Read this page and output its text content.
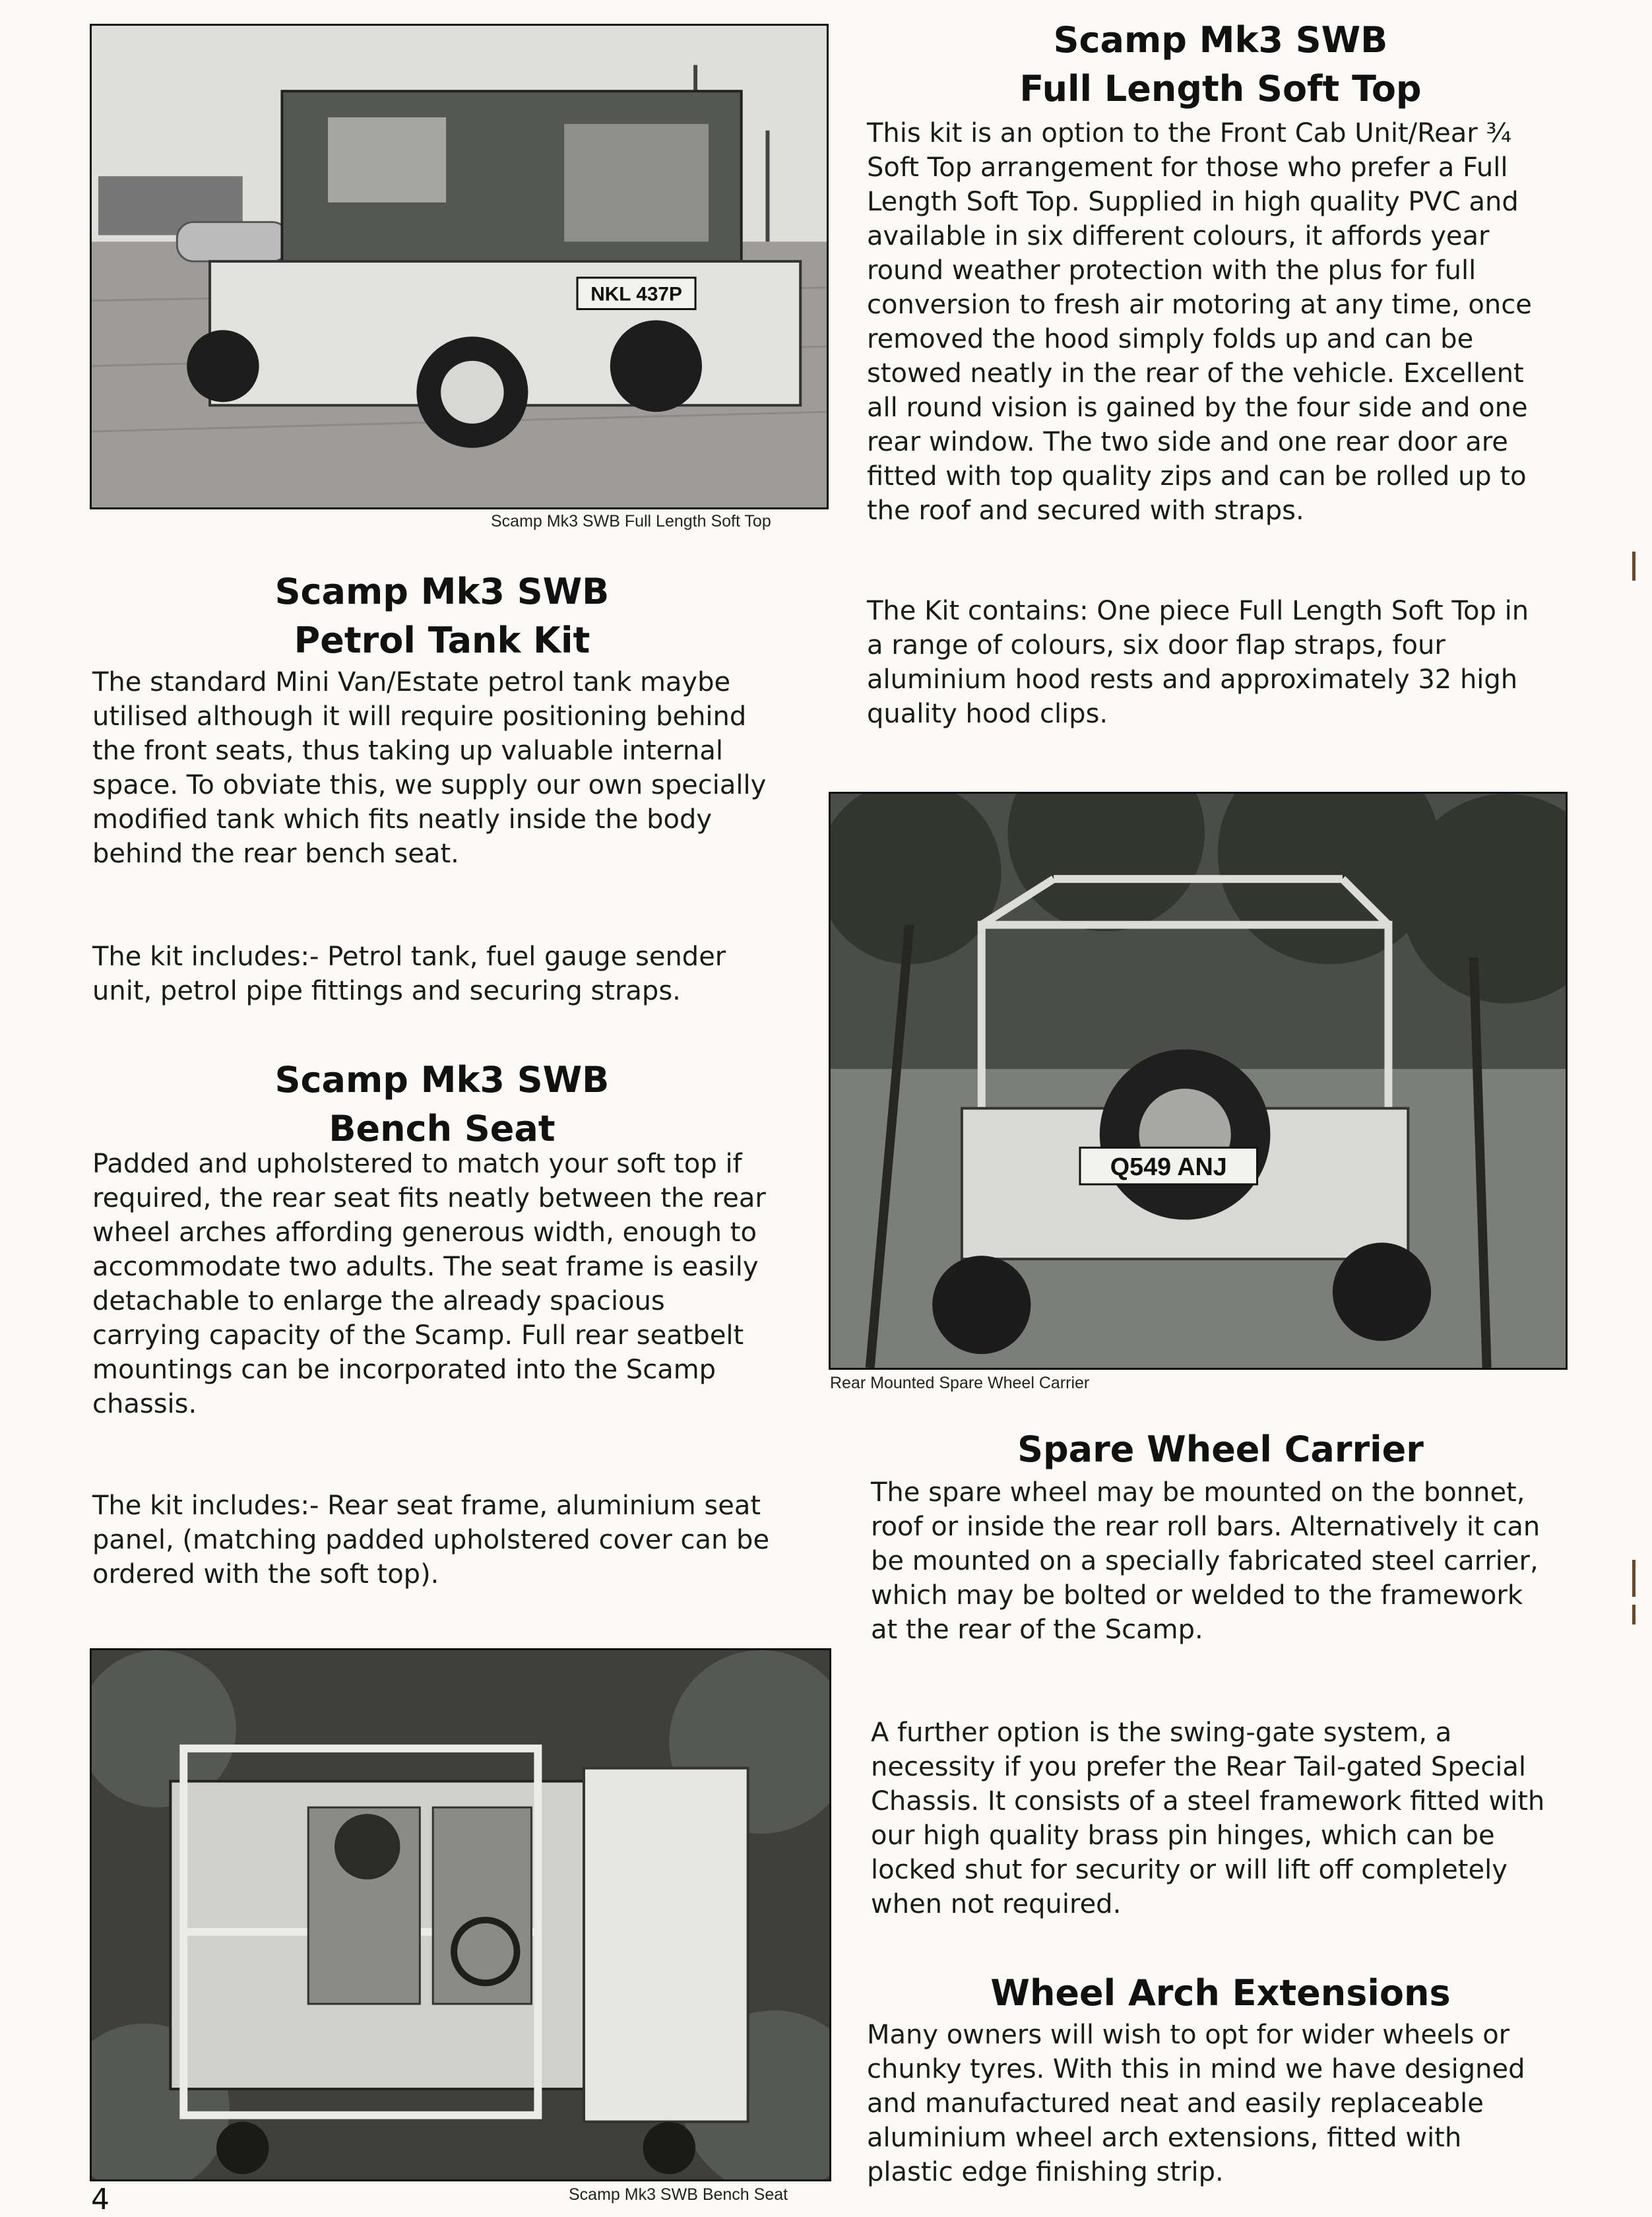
NKL 437P
Scamp Mk3 SWB Full Length Soft Top
Scamp Mk3 SWB
Full Length Soft Top

This kit is an option to the Front Cab Unit/Rear ¾ Soft Top arrangement for those who prefer a Full Length Soft Top. Supplied in high quality PVC and available in six different colours, it affords year round weather protection with the plus for full conversion to fresh air motoring at any time, once removed the hood simply folds up and can be stowed neatly in the rear of the vehicle. Excellent all round vision is gained by the four side and one rear window. The two side and one rear door are fitted with top quality zips and can be rolled up to the roof and secured with straps.

The Kit contains: One piece Full Length Soft Top in a range of colours, six door flap straps, four aluminium hood rests and approximately 32 high quality hood clips.

Scamp Mk3 SWB
Petrol Tank Kit

The standard Mini Van/Estate petrol tank maybe utilised although it will require positioning behind the front seats, thus taking up valuable internal space. To obviate this, we supply our own specially modified tank which fits neatly inside the body behind the rear bench seat.

The kit includes:- Petrol tank, fuel gauge sender unit, petrol pipe fittings and securing straps.

Scamp Mk3 SWB
Bench Seat

Padded and upholstered to match your soft top if required, the rear seat fits neatly between the rear wheel arches affording generous width, enough to accommodate two adults. The seat frame is easily detachable to enlarge the already spacious carrying capacity of the Scamp. Full rear seatbelt mountings can be incorporated into the Scamp chassis.

The kit includes:- Rear seat frame, aluminium seat panel, (matching padded upholstered cover can be ordered with the soft top).

Q549 ANJ
Rear Mounted Spare Wheel Carrier
Spare Wheel Carrier

The spare wheel may be mounted on the bonnet, roof or inside the rear roll bars. Alternatively it can be mounted on a specially fabricated steel carrier, which may be bolted or welded to the framework at the rear of the Scamp.

A further option is the swing-gate system, a necessity if you prefer the Rear Tail-gated Special Chassis. It consists of a steel framework fitted with our high quality brass pin hinges, which can be locked shut for security or will lift off completely when not required.

Wheel Arch Extensions

Many owners will wish to opt for wider wheels or chunky tyres. With this in mind we have designed and manufactured neat and easily replaceable aluminium wheel arch extensions, fitted with plastic edge finishing strip.

Scamp Mk3 SWB Bench Seat
4
